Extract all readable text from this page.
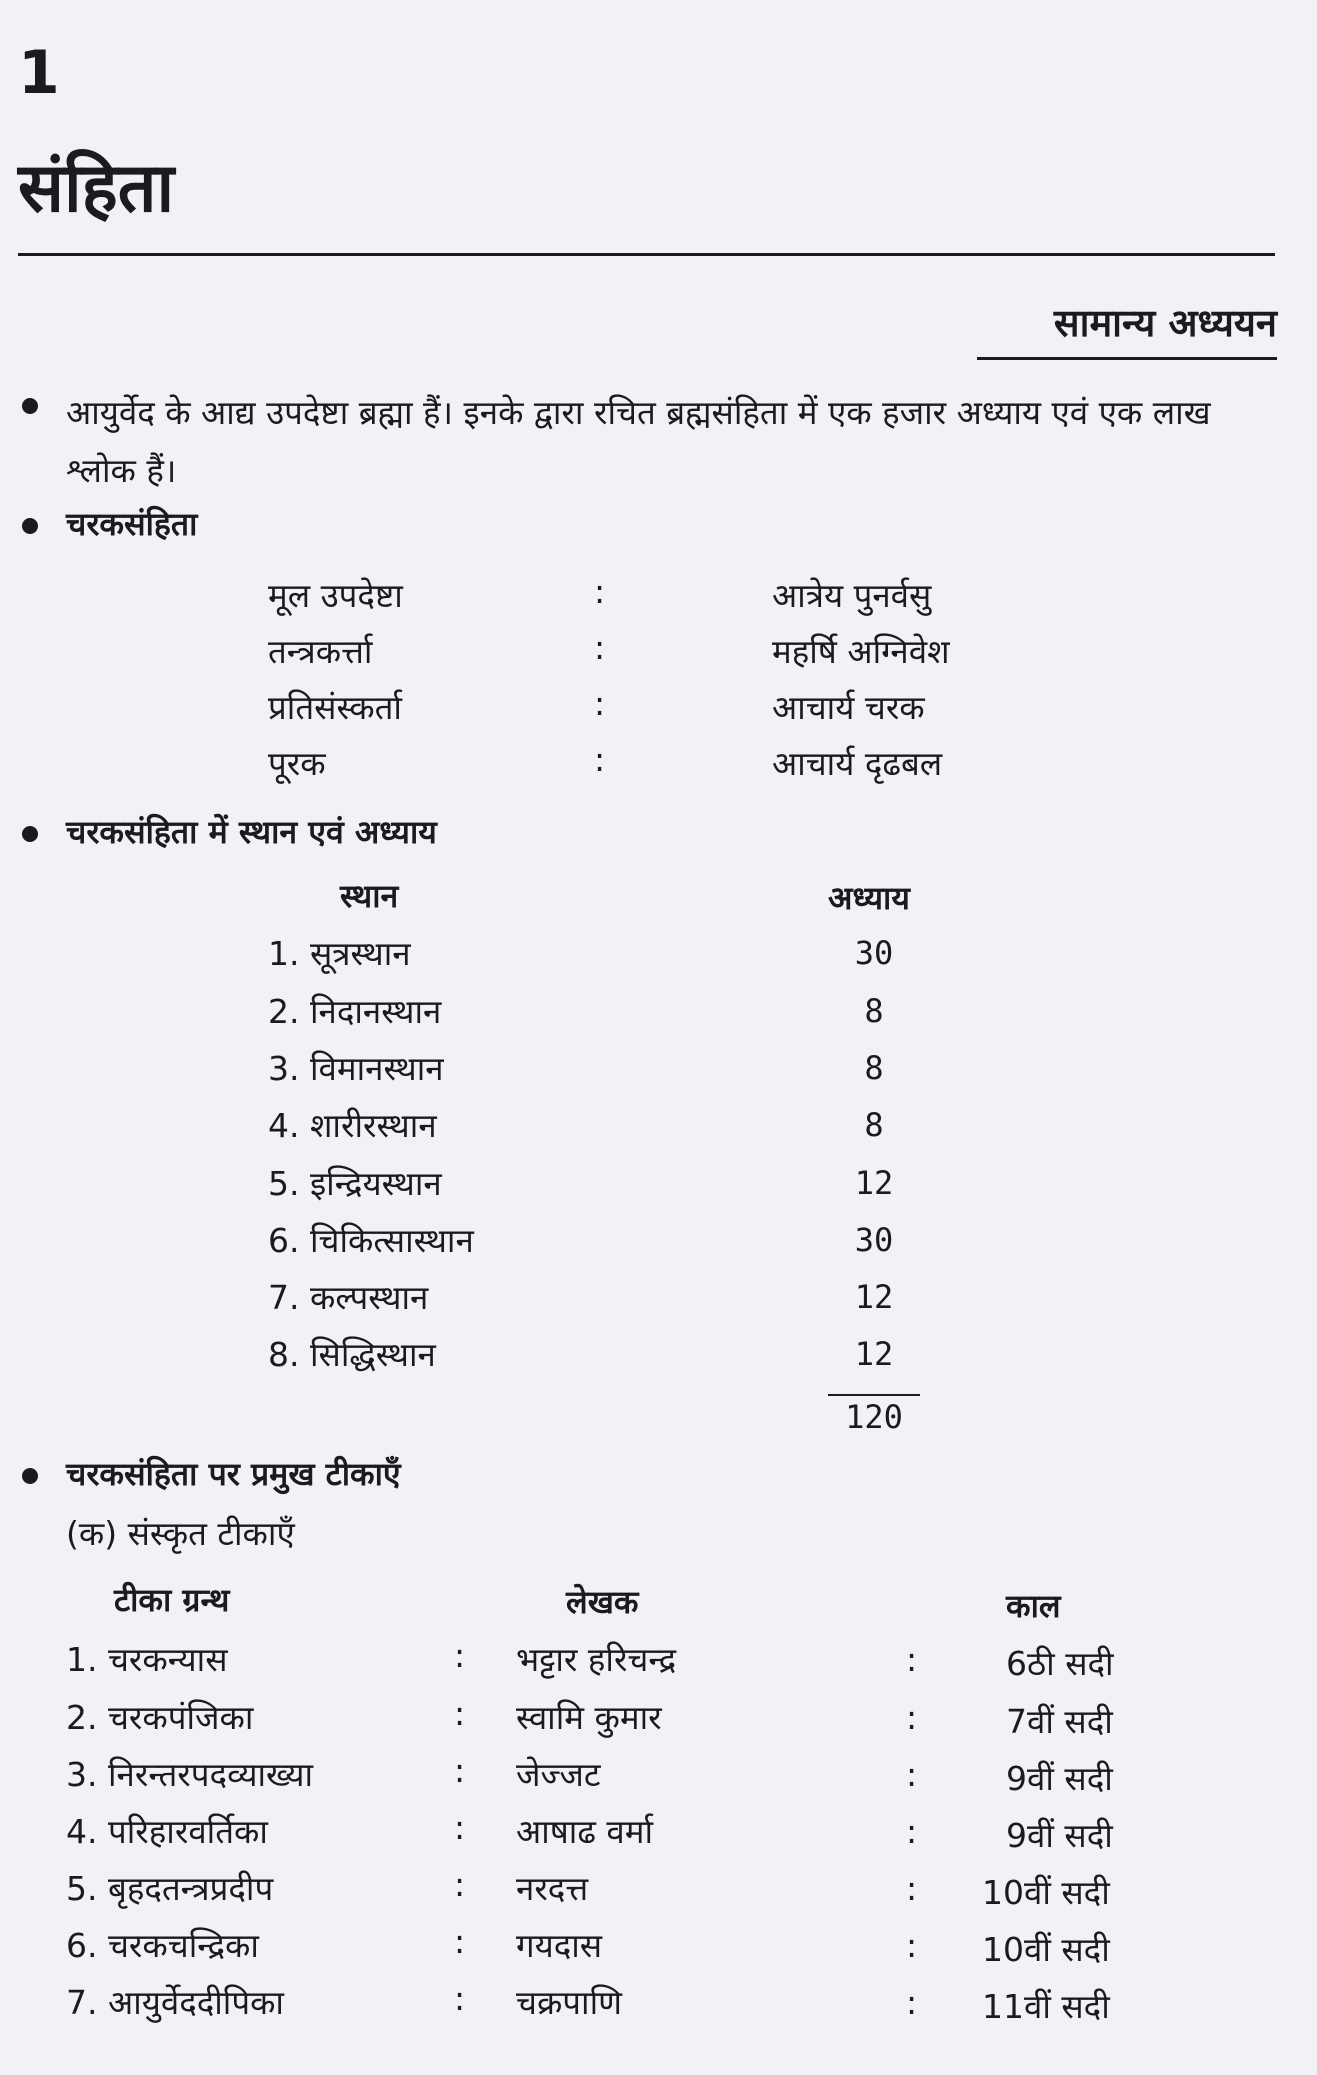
1
संहिता
सामान्य अध्ययन
आयुर्वेद के आद्य उपदेष्टा ब्रह्मा हैं। इनके द्वारा रचित ब्रह्मसंहिता में एक हजार अध्याय एवं एक लाख श्लोक हैं।
चरकसंहिता
मूल उपदेष्टा	:	आत्रेय पुनर्वसु
तन्त्रकर्त्ता	:	महर्षि अग्निवेश
प्रतिसंस्कर्ता	:	आचार्य चरक
पूरक	:	आचार्य दृढबल
चरकसंहिता में स्थान एवं अध्याय
स्थान	अध्याय
1. सूत्रस्थान	30
2. निदानस्थान	8
3. विमानस्थान	8
4. शारीरस्थान	8
5. इन्द्रियस्थान	12
6. चिकित्सास्थान	30
7. कल्पस्थान	12
8. सिद्धिस्थान	12
120
चरकसंहिता पर प्रमुख टीकाएँ
(क) संस्कृत टीकाएँ
टीका ग्रन्थ	लेखक	काल
1. चरकन्यास	: भट्टार हरिचन्द्र	:	6ठी सदी
2. चरकपंजिका	: स्वामि कुमार	:	7वीं सदी
3. निरन्तरपदव्याख्या	: जेज्जट	:	9वीं सदी
4. परिहारवर्तिका	: आषाढ वर्मा	:	9वीं सदी
5. बृहदतन्त्रप्रदीप	: नरदत्त	: 10वीं सदी
6. चरकचन्द्रिका	: गयदास	: 10वीं सदी
7. आयुर्वेददीपिका	: चक्रपाणि	: 11वीं सदी
